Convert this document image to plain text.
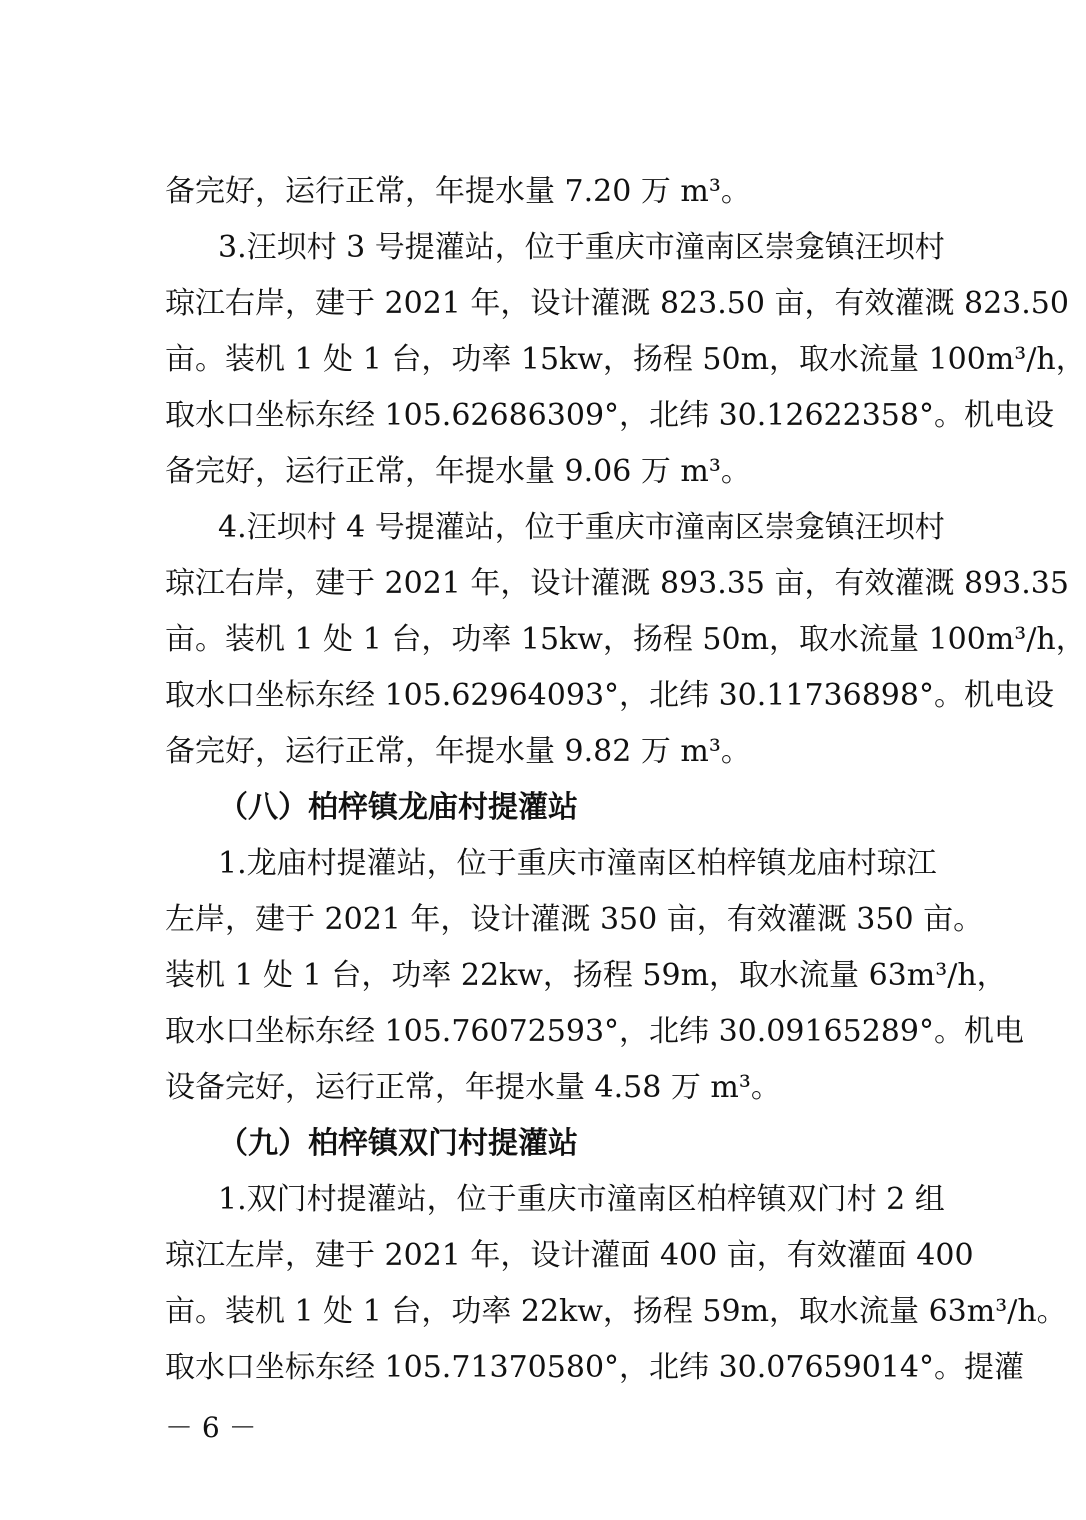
备完好，运行正常，年提水量 7.20 万 m³。
3.汪坝村 3 号提灌站，位于重庆市潼南区崇龛镇汪坝村
琼江右岸，建于 2021 年，设计灌溉 823.50 亩，有效灌溉 823.50
亩。装机 1 处 1 台，功率 15kw，扬程 50m，取水流量 100m³/h，
取水口坐标东经 105.62686309°，北纬 30.12622358°。机电设
备完好，运行正常，年提水量 9.06 万 m³。
4.汪坝村 4 号提灌站，位于重庆市潼南区崇龛镇汪坝村
琼江右岸，建于 2021 年，设计灌溉 893.35 亩，有效灌溉 893.35
亩。装机 1 处 1 台，功率 15kw，扬程 50m，取水流量 100m³/h，
取水口坐标东经 105.62964093°，北纬 30.11736898°。机电设
备完好，运行正常，年提水量 9.82 万 m³。
（八）柏梓镇龙庙村提灌站
1.龙庙村提灌站，位于重庆市潼南区柏梓镇龙庙村琼江
左岸，建于 2021 年，设计灌溉 350 亩，有效灌溉 350 亩。
装机 1 处 1 台，功率 22kw，扬程 59m，取水流量 63m³/h，
取水口坐标东经 105.76072593°，北纬 30.09165289°。机电
设备完好，运行正常，年提水量 4.58 万 m³。
（九）柏梓镇双门村提灌站
1.双门村提灌站，位于重庆市潼南区柏梓镇双门村 2 组
琼江左岸，建于 2021 年，设计灌面 400 亩，有效灌面 400
亩。装机 1 处 1 台，功率 22kw，扬程 59m，取水流量 63m³/h。
取水口坐标东经 105.71370580°，北纬 30.07659014°。提灌
－ 6 －
